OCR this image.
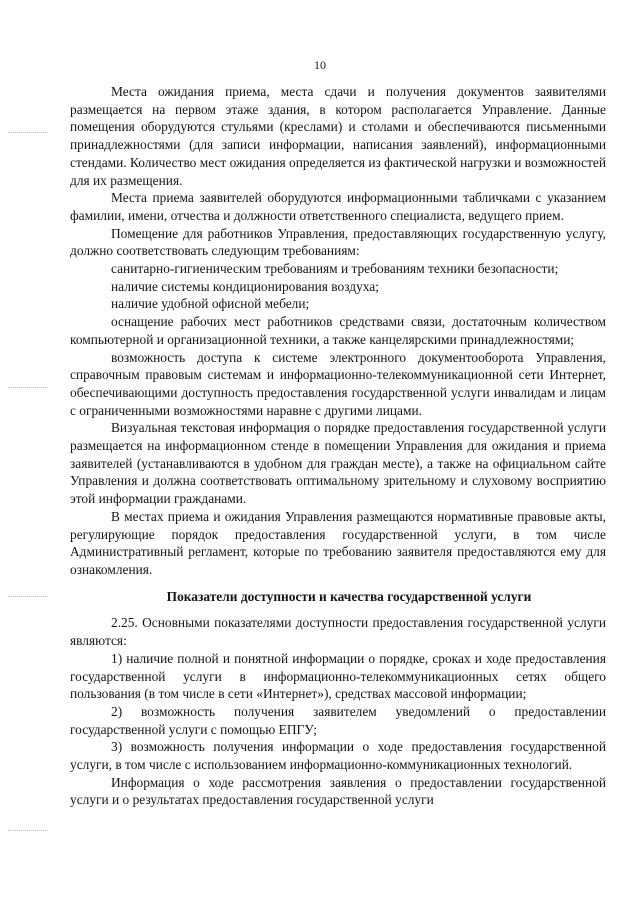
10

Места ожидания приема, места сдачи и получения документов заявителями размещается на первом этаже здания, в котором располагается Управление. Данные помещения оборудуются стульями (креслами) и столами и обеспечиваются письменными принадлежностями (для записи информации, написания заявлений), информационными стендами. Количество мест ожидания определяется из фактической нагрузки и возможностей для их размещения.

Места приема заявителей оборудуются информационными табличками с указанием фамилии, имени, отчества и должности ответственного специалиста, ведущего прием.

Помещение для работников Управления, предоставляющих государственную услугу, должно соответствовать следующим требованиям:

санитарно-гигиеническим требованиям и требованиям техники безопасности;

наличие системы кондиционирования воздуха;

наличие удобной офисной мебели;

оснащение рабочих мест работников средствами связи, достаточным количеством компьютерной и организационной техники, а также канцелярскими принадлежностями;

возможность доступа к системе электронного документооборота Управления, справочным правовым системам и информационно-телекоммуникационной сети Интернет, обеспечивающими доступность предоставления государственной услуги инвалидам и лицам с ограниченными возможностями наравне с другими лицами.

Визуальная текстовая информация о порядке предоставления государственной услуги размещается на информационном стенде в помещении Управления для ожидания и приема заявителей (устанавливаются в удобном для граждан месте), а также на официальном сайте Управления и должна соответствовать оптимальному зрительному и слуховому восприятию этой информации гражданами.

В местах приема и ожидания Управления размещаются нормативные правовые акты, регулирующие порядок предоставления государственной услуги, в том числе Административный регламент, которые по требованию заявителя предоставляются ему для ознакомления.

Показатели доступности и качества государственной услуги

2.25. Основными показателями доступности предоставления государственной услуги являются:

1) наличие полной и понятной информации о порядке, сроках и ходе предоставления государственной услуги в информационно-телекоммуникационных сетях общего пользования (в том числе в сети «Интернет»), средствах массовой информации;

2) возможность получения заявителем уведомлений о предоставлении государственной услуги с помощью ЕПГУ;

3) возможность получения информации о ходе предоставления государственной услуги, в том числе с использованием информационно-коммуникационных технологий.

Информация о ходе рассмотрения заявления о предоставлении государственной услуги и о результатах предоставления государственной услуги
